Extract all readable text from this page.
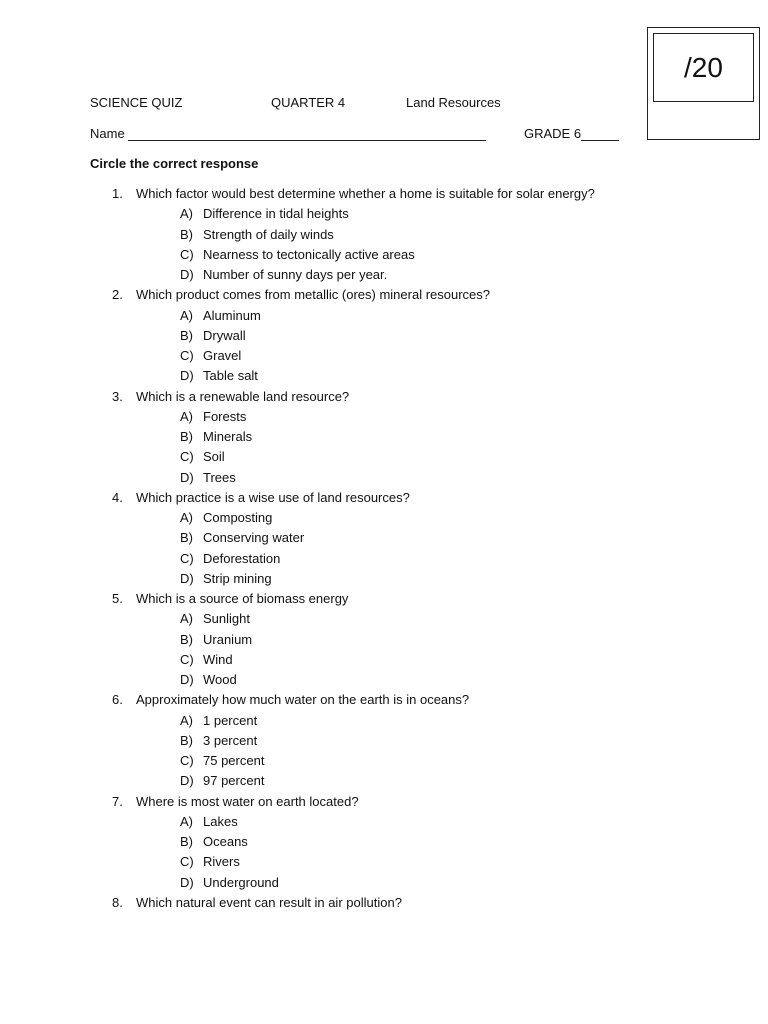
/20
SCIENCE QUIZ	QUARTER 4	Land Resources
Name	GRADE 6
Circle the correct response
1. Which factor would best determine whether a home is suitable for solar energy?
A) Difference in tidal heights
B) Strength of daily winds
C) Nearness to tectonically active areas
D) Number of sunny days per year.
2. Which product comes from metallic (ores) mineral resources?
A) Aluminum
B) Drywall
C) Gravel
D) Table salt
3. Which is a renewable land resource?
A) Forests
B) Minerals
C) Soil
D) Trees
4. Which practice is a wise use of land resources?
A) Composting
B) Conserving water
C) Deforestation
D) Strip mining
5. Which is a source of biomass energy
A) Sunlight
B) Uranium
C) Wind
D) Wood
6. Approximately how much water on the earth is in oceans?
A) 1 percent
B) 3 percent
C) 75 percent
D) 97 percent
7. Where is most water on earth located?
A) Lakes
B) Oceans
C) Rivers
D) Underground
8. Which natural event can result in air pollution?
